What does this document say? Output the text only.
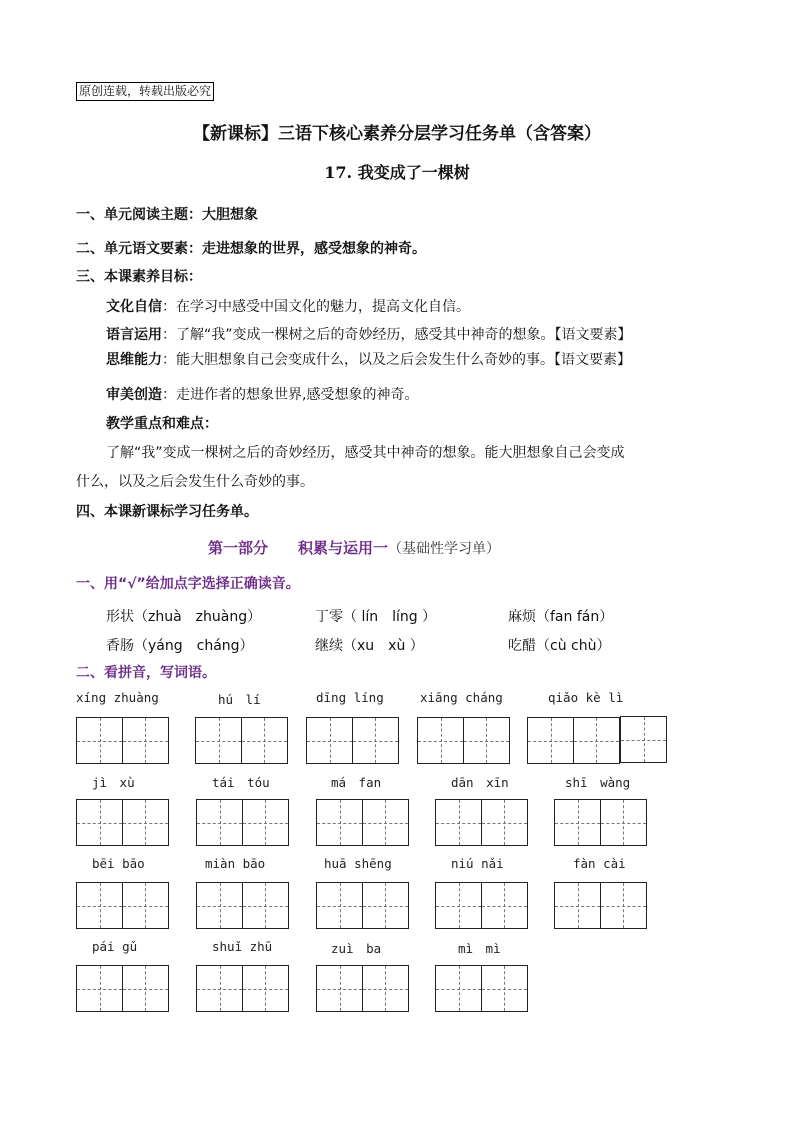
原创连载，转载出版必究
【新课标】三语下核心素养分层学习任务单（含答案）
17. 我变成了一棵树
一、单元阅读主题：大胆想象
二、单元语文要素：走进想象的世界，感受想象的神奇。
三、本课素养目标：
文化自信：在学习中感受中国文化的魅力，提高文化自信。
语言运用：了解“我”变成一棵树之后的奇妙经历，感受其中神奇的想象。【语文要素】
思维能力：能大胆想象自己会变成什么，以及之后会发生什么奇妙的事。【语文要素】
审美创造：走进作者的想象世界,感受想象的神奇。
教学重点和难点：
了解“我”变成一棵树之后的奇妙经历，感受其中神奇的想象。能大胆想象自己会变成
什么，以及之后会发生什么奇妙的事。
四、本课新课标学习任务单。
第一部分　　积累与运用一（基础性学习单）
一、用“√”给加点字选择正确读音。
形状（zhuà　zhuàng）	丁零（ lín　líng ）	麻烦（fan fán）
香肠（yáng　cháng）	继续（xu　xù ）	吃醋（cù chù）
二、看拼音，写词语。
xíng zhuàng	hú　lí	dīng líng	xiāng cháng	qiǎo kè lì
jì　xù	tái　tóu	má　fan	dān　xīn	shī　wàng
bēi bāo	miàn bāo	huā shēng	niú nǎi	fàn cài
pái gǔ	shuǐ zhū	zuì　ba	mì　mì
